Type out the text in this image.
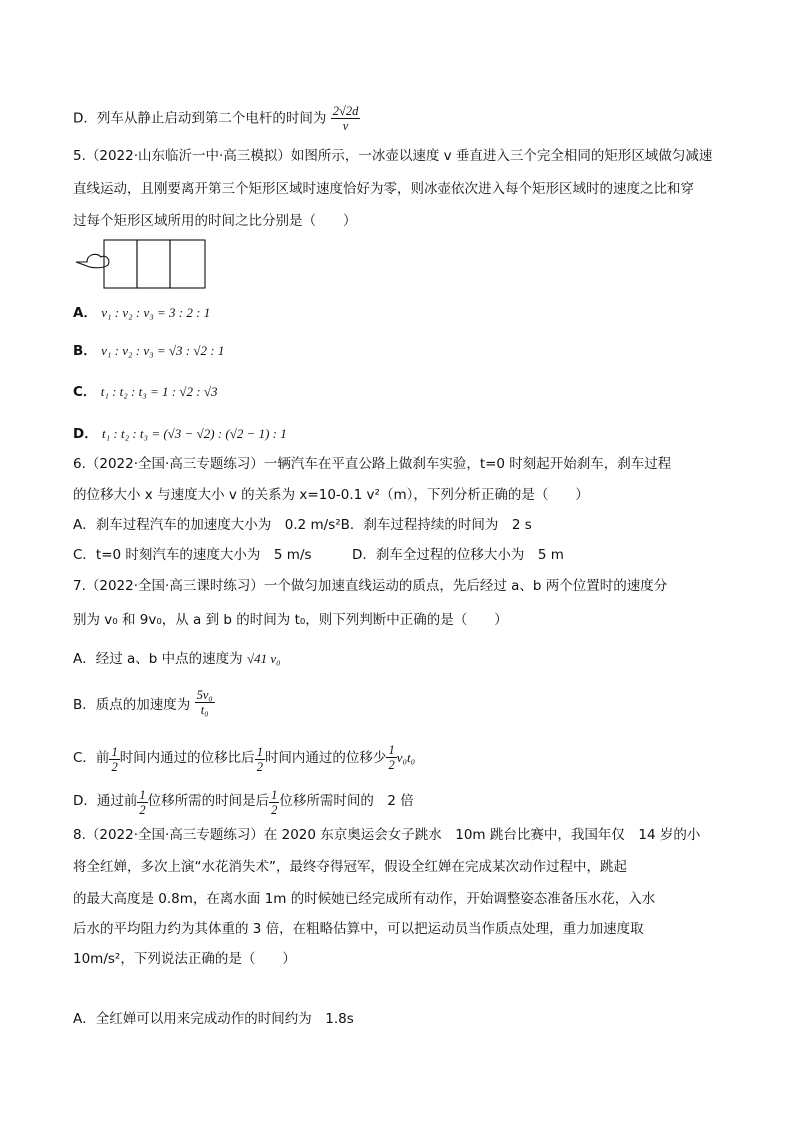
D．列车从静止启动到第二个电杆的时间为 $\frac{2√2d}{v}$
5.（2022·山东临沂一中·高三模拟）如图所示，一冰壶以速度 v 垂直进入三个完全相同的矩形区域做匀减速
直线运动，且刚要离开第三个矩形区域时速度恰好为零，则冰壶依次进入每个矩形区域时的速度之比和穿
过每个矩形区域所用的时间之比分别是（　　）
A． v₁ : v₂ : v₃ = 3 : 2 : 1
B． v₁ : v₂ : v₃ = √3 : √2 : 1
C． t₁ : t₂ : t₃ = 1 : √2 : √3
D． t₁ : t₂ : t₃ = (√3 − √2) : (√2 − 1) : 1
6.（2022·全国·高三专题练习）一辆汽车在平直公路上做刹车实验，t=0 时刻起开始刹车，刹车过程
的位移大小 x 与速度大小 v 的关系为 x=10-0.1 v²（m），下列分析正确的是（　　）
A．刹车过程汽车的加速度大小为　0.2 m/s²B．刹车过程持续的时间为　2 s
C．t=0 时刻汽车的速度大小为　5 m/s　　　D．刹车全过程的位移大小为　5 m
7.（2022·全国·高三课时练习）一个做匀加速直线运动的质点，先后经过 a、b 两个位置时的速度分
别为 v₀ 和 9v₀，从 a 到 b 的时间为 t₀，则下列判断中正确的是（　　）
A．经过 a、b 中点的速度为 √41 v₀
B．质点的加速度为 $\frac{\text{5v₀}}{\text{t₀}}$
C．前 $\frac{1}{2}$ 时间内通过的位移比后 $\frac{1}{2}$ 时间内通过的位移少 $\frac{1}{2} v_0t_0$
D．通过前 $\frac{1}{2}$ 位移所需的时间是后 $\frac{1}{2}$ 位移所需时间的　2 倍
8.（2022·全国·高三专题练习）在 2020 东京奥运会女子跳水　10m 跳台比赛中，我国年仅　14 岁的小
将全红婵，多次上演“水花消失术”，最终夺得冠军，假设全红婵在完成某次动作过程中，跳起
的最大高度是 0.8m，在离水面 1m 的时候她已经完成所有动作，开始调整姿态准备压水花，入水
后水的平均阻力约为其体重的 3 倍，在粗略估算中，可以把运动员当作质点处理，重力加速度取
10m/s²，下列说法正确的是（　　）
A．全红婵可以用来完成动作的时间约为　1.8s
